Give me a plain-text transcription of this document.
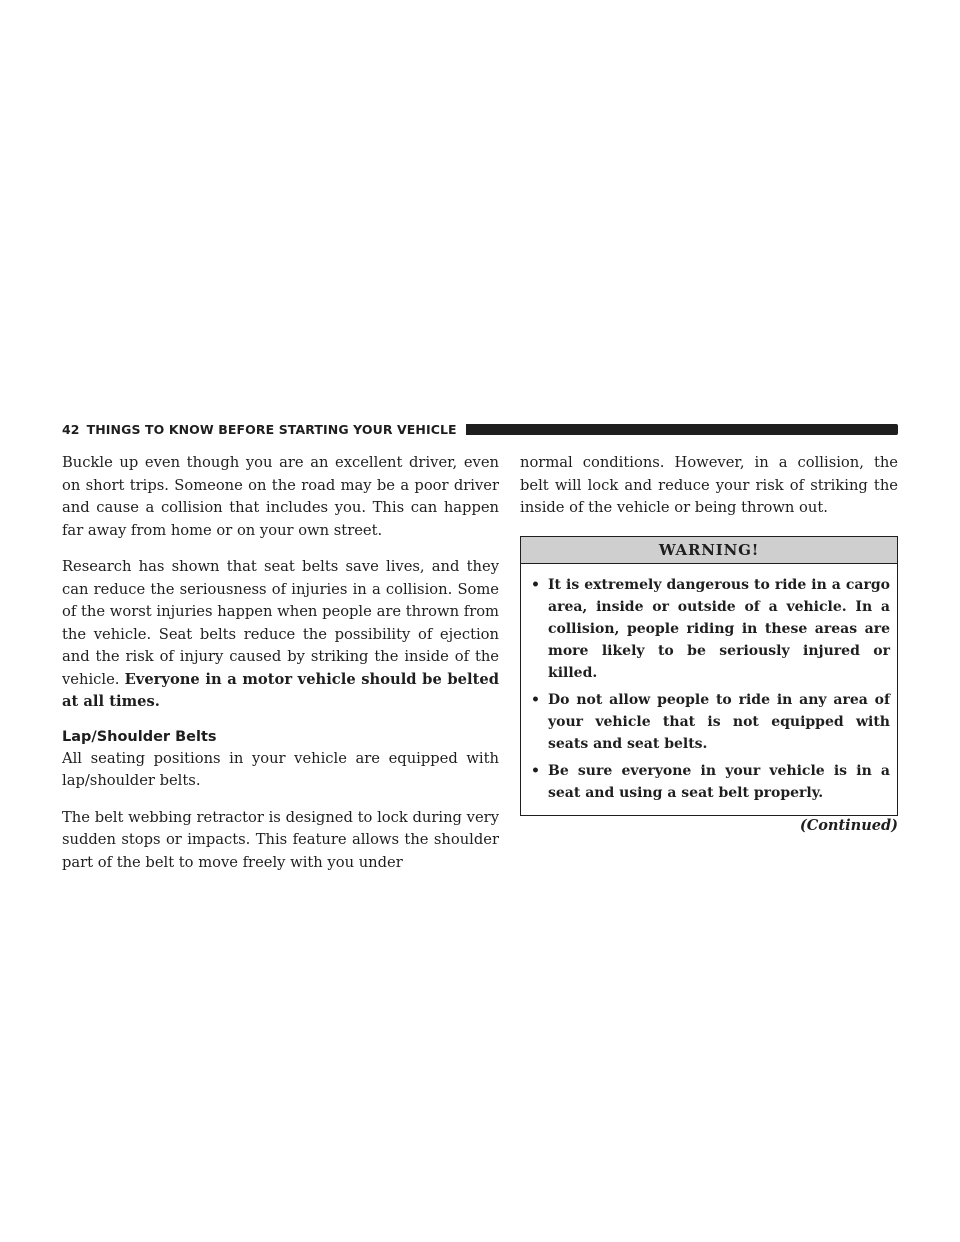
42 THINGS TO KNOW BEFORE STARTING YOUR VEHICLE

Buckle up even though you are an excellent driver, even on short trips. Someone on the road may be a poor driver and cause a collision that includes you. This can happen far away from home or on your own street.

Research has shown that seat belts save lives, and they can reduce the seriousness of injuries in a collision. Some of the worst injuries happen when people are thrown from the vehicle. Seat belts reduce the possibility of ejection and the risk of injury caused by striking the inside of the vehicle. Everyone in a motor vehicle should be belted at all times.

Lap/Shoulder Belts

All seating positions in your vehicle are equipped with lap/shoulder belts.

The belt webbing retractor is designed to lock during very sudden stops or impacts. This feature allows the shoulder part of the belt to move freely with you under

normal conditions. However, in a collision, the belt will lock and reduce your risk of striking the inside of the vehicle or being thrown out.

WARNING!
• It is extremely dangerous to ride in a cargo area, inside or outside of a vehicle. In a collision, people riding in these areas are more likely to be seriously injured or killed.
• Do not allow people to ride in any area of your vehicle that is not equipped with seats and seat belts.
• Be sure everyone in your vehicle is in a seat and using a seat belt properly.
(Continued)
